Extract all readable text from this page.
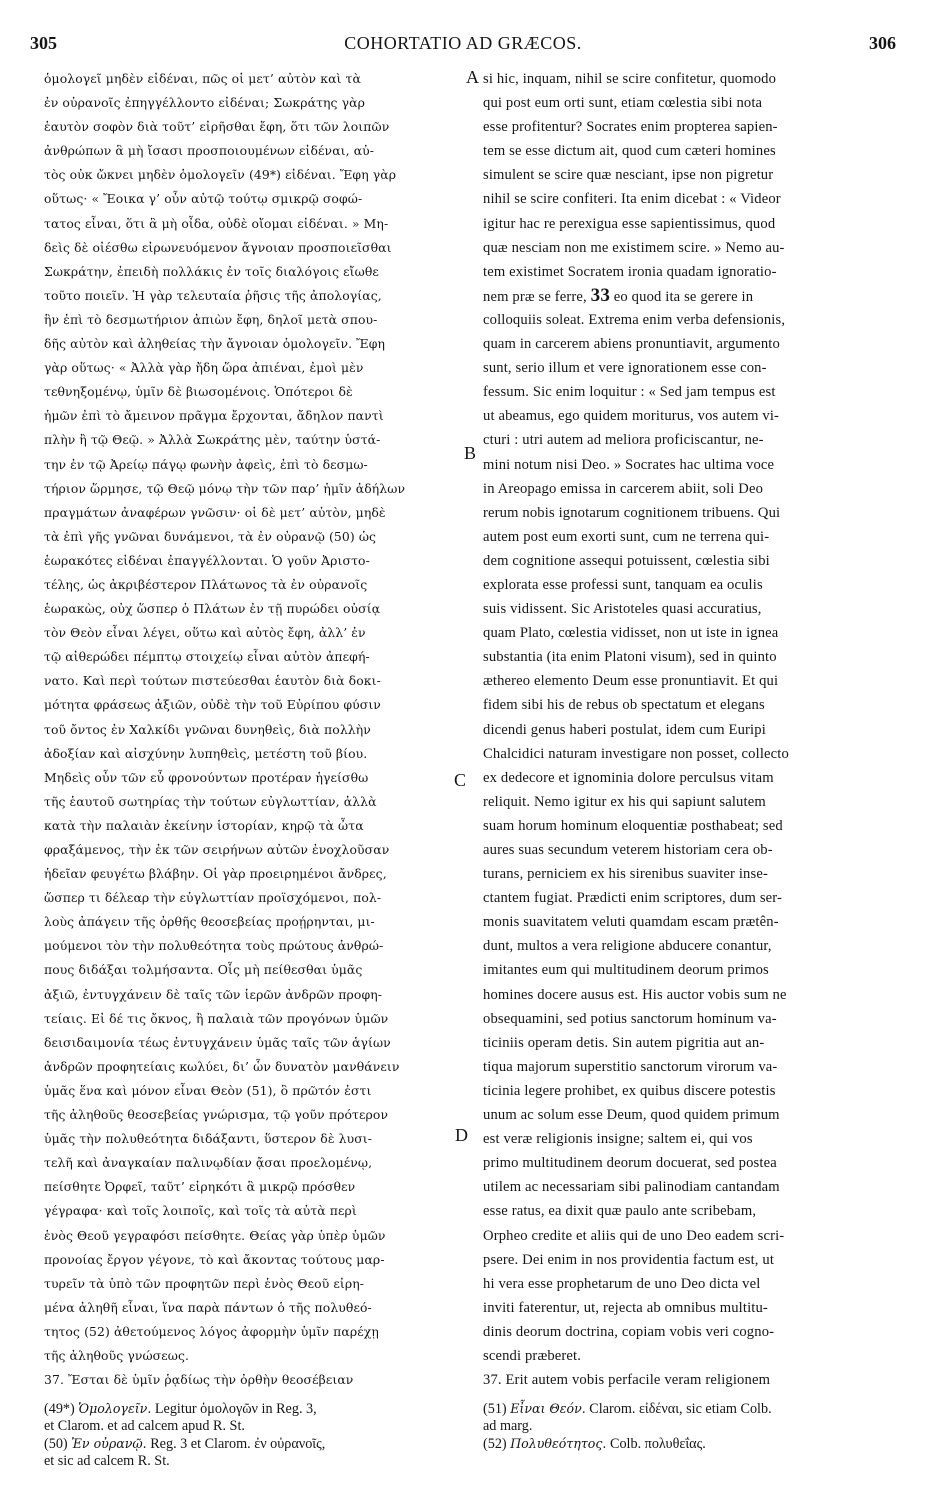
305	COHORTATIO AD GRÆCOS.	306
ὁμολογεῖ μηδὲν εἰδέναι, πῶς οἱ μετ’ αὐτὸν καὶ τὰ
ἐν οὐρανοῖς ἐπηγγέλλοντο εἰδέναι; Σωκράτης γὰρ
ἑαυτὸν σοφὸν διὰ τοῦτ’ εἰρῆσθαι ἔφη, ὅτι τῶν λοιπῶν
ἀνθρώπων ἃ μὴ ἴσασι προσποιουμένων εἰδέναι, αὐ-
τὸς οὐκ ὤκνει μηδὲν ὁμολογεῖν (49*) εἰδέναι. Ἔφη γὰρ
οὕτως· « Ἔοικα γ’ οὖν αὐτῷ τούτῳ σμικρῷ σοφώ-
τατος εἶναι, ὅτι ἃ μὴ οἶδα, οὐδὲ οἴομαι εἰδέναι. » Μη-
δεὶς δὲ οἰέσθω εἰρωνευόμενον ἄγνοιαν προσποιεῖσθαι
Σωκράτην, ἐπειδὴ πολλάκις ἐν τοῖς διαλόγοις εἴωθε
τοῦτο ποιεῖν. Ἡ γὰρ τελευταία ῥῆσις τῆς ἀπολογίας,
ἣν ἐπὶ τὸ δεσμωτήριον ἀπιὼν ἔφη, δηλοῖ μετὰ σπου-
δῆς αὐτὸν καὶ ἀληθείας τὴν ἄγνοιαν ὁμολογεῖν. Ἔφη
γὰρ οὕτως· « Ἀλλὰ γὰρ ἤδη ὥρα ἀπιέναι, ἐμοὶ μὲν
τεθνηξομένῳ, ὑμῖν δὲ βιωσομένοις. Ὁπότεροι δὲ
ἡμῶν ἐπὶ τὸ ἄμεινον πρᾶγμα ἔρχονται, ἄδηλον παντὶ
πλὴν ἢ τῷ Θεῷ. » Ἀλλὰ Σωκράτης μὲν, ταύτην ὑστά-
την ἐν τῷ Ἀρείῳ πάγῳ φωνὴν ἀφεὶς, ἐπὶ τὸ δεσμω-
τήριον ὥρμησε, τῷ Θεῷ μόνῳ τὴν τῶν παρ’ ἡμῖν ἀδήλων
πραγμάτων ἀναφέρων γνῶσιν· οἱ δὲ μετ’ αὐτὸν, μηδὲ
τὰ ἐπὶ γῆς γνῶναι δυνάμενοι, τὰ ἐν οὐρανῷ (50) ὡς
ἑωρακότες εἰδέναι ἐπαγγέλλονται. Ὁ γοῦν Ἀριστο-
τέλης, ὡς ἀκριβέστερον Πλάτωνος τὰ ἐν οὐρανοῖς
ἑωρακὼς, οὐχ ὥσπερ ὁ Πλάτων ἐν τῇ πυρώδει οὐσίᾳ
τὸν Θεὸν εἶναι λέγει, οὕτω καὶ αὐτὸς ἔφη, ἀλλ’ ἐν
τῷ αἰθερώδει πέμπτῳ στοιχείῳ εἶναι αὐτὸν ἀπεφή-
νατο. Καὶ περὶ τούτων πιστεύεσθαι ἑαυτὸν διὰ δοκι-
μότητα φράσεως ἀξιῶν, οὐδὲ τὴν τοῦ Εὐρίπου φύσιν
τοῦ ὄντος ἐν Χαλκίδι γνῶναι δυνηθεὶς, διὰ πολλὴν
ἀδοξίαν καὶ αἰσχύνην λυπηθεὶς, μετέστη τοῦ βίου.
Μηδεὶς οὖν τῶν εὖ φρονούντων προτέραν ἡγείσθω
τῆς ἑαυτοῦ σωτηρίας τὴν τούτων εὐγλωττίαν, ἀλλὰ
κατὰ τὴν παλαιὰν ἐκείνην ἱστορίαν, κηρῷ τὰ ὦτα
φραξάμενος, τὴν ἐκ τῶν σειρήνων αὐτῶν ἐνοχλοῦσαν
ἡδεῖαν φευγέτω βλάβην. Οἱ γὰρ προειρημένοι ἄνδρες,
ὥσπερ τι δέλεαρ τὴν εὐγλωττίαν προϊσχόμενοι, πολ-
λοὺς ἀπάγειν τῆς ὀρθῆς θεοσεβείας προῄρηνται, μι-
μούμενοι τὸν τὴν πολυθεότητα τοὺς πρώτους ἀνθρώ-
πους διδάξαι τολμήσαντα. Οἷς μὴ πείθεσθαι ὑμᾶς
ἀξιῶ, ἐντυγχάνειν δὲ ταῖς τῶν ἱερῶν ἀνδρῶν προφη-
τείαις. Εἰ δέ τις ὄκνος, ἢ παλαιὰ τῶν προγόνων ὑμῶν
δεισιδαιμονία τέως ἐντυγχάνειν ὑμᾶς ταῖς τῶν ἁγίων
ἀνδρῶν προφητείαις κωλύει, δι’ ὧν δυνατὸν μανθάνειν
ὑμᾶς ἕνα καὶ μόνον εἶναι Θεὸν (51), ὃ πρῶτόν ἐστι
τῆς ἀληθοῦς θεοσεβείας γνώρισμα, τῷ γοῦν πρότερον
ὑμᾶς τὴν πολυθεότητα διδάξαντι, ὕστερον δὲ λυσι-
τελῆ καὶ ἀναγκαίαν παλινῳδίαν ᾄσαι προελομένῳ,
πείσθητε Ὀρφεῖ, ταῦτ’ εἰρηκότι ἃ μικρῷ πρόσθεν
γέγραφα· καὶ τοῖς λοιποῖς, καὶ τοῖς τὰ αὐτὰ περὶ
ἑνὸς Θεοῦ γεγραφόσι πείσθητε. Θείας γὰρ ὑπὲρ ὑμῶν
προνοίας ἔργον γέγονε, τὸ καὶ ἄκοντας τούτους μαρ-
τυρεῖν τὰ ὑπὸ τῶν προφητῶν περὶ ἑνὸς Θεοῦ εἰρη-
μένα ἀληθῆ εἶναι, ἵνα παρὰ πάντων ὁ τῆς πολυθεό-
τητος (52) ἀθετούμενος λόγος ἀφορμὴν ὑμῖν παρέχῃ
τῆς ἀληθοῦς γνώσεως.
37. Ἔσται δὲ ὑμῖν ῥᾳδίως τὴν ὀρθὴν θεοσέβειαν
si hic, inquam, nihil se scire confitetur, quomodo
qui post eum orti sunt, etiam cœlestia sibi nota
esse profitentur? Socrates enim propterea sapien-
tem se esse dictum ait, quod cum cæteri homines
simulent se scire quæ nesciant, ipse non pigretur
nihil se scire confiteri. Ita enim dicebat : « Videor
igitur hac re perexigua esse sapientissimus, quod
quæ nesciam non me existimem scire. » Nemo au-
tem existimet Socratem ironia quadam ignoratio-
nem præ se ferre, 33 eo quod ita se gerere in
colloquiis soleat. Extrema enim verba defensionis,
quam in carcerem abiens pronuntiavit, argumento
sunt, serio illum et vere ignorationem esse con-
fessum. Sic enim loquitur : « Sed jam tempus est
ut abeamus, ego quidem moriturus, vos autem vi-
cturi : utri autem ad meliora proficiscantur, ne-
mini notum nisi Deo. » Socrates hac ultima voce
in Areopago emissa in carcerem abiit, soli Deo
rerum nobis ignotarum cognitionem tribuens. Qui
autem post eum exorti sunt, cum ne terrena qui-
dem cognitione assequi potuissent, cœlestia sibi
explorata esse professi sunt, tanquam ea oculis
suis vidissent. Sic Aristoteles quasi accuratius,
quam Plato, cœlestia vidisset, non ut iste in ignea
substantia (ita enim Platoni visum), sed in quinto
æthereo elemento Deum esse pronuntiavit. Et qui
fidem sibi his de rebus ob spectatum et elegans
dicendi genus haberi postulat, idem cum Euripi
Chalcidici naturam investigare non posset, collecto
ex dedecore et ignominia dolore perculsus vitam
reliquit. Nemo igitur ex his qui sapiunt salutem
suam horum hominum eloquentiæ posthabeat; sed
aures suas secundum veterem historiam cera ob-
turans, perniciem ex his sirenibus suaviter inse-
ctantem fugiat. Prædicti enim scriptores, dum ser-
monis suavitatem veluti quamdam escam prætên-
dunt, multos a vera religione abducere conantur,
imitantes eum qui multitudinem deorum primos
homines docere ausus est. His auctor vobis sum ne
obsequamini, sed potius sanctorum hominum va-
ticiniis operam detis. Sin autem pigritia aut an-
tiqua majorum superstitio sanctorum virorum va-
ticinia legere prohibet, ex quibus discere potestis
unum ac solum esse Deum, quod quidem primum
est veræ religionis insigne; saltem ei, qui vos
primo multitudinem deorum docuerat, sed postea
utilem ac necessariam sibi palinodiam cantandam
esse ratus, ea dixit quæ paulo ante scribebam,
Orpheo credite et aliis qui de uno Deo eadem scri-
psere. Dei enim in nos providentia factum est, ut
hi vera esse prophetarum de uno Deo dicta vel
inviti faterentur, ut, rejecta ab omnibus multitu-
dinis deorum doctrina, copiam vobis veri cogno-
scendi præberet.
37. Erit autem vobis perfacile veram religionem
A
B
C
D

(49*) Ὁμολογεῖν. Legitur ὁμολογῶν in Reg. 3,
et Clarom. et ad calcem apud R. St.

(50) Ἐν οὐρανῷ. Reg. 3 et Clarom. ἐν οὐρανοῖς,
et sic ad calcem R. St.

(51) Εἶναι Θεόν. Clarom. εἰδέναι, sic etiam Colb.
ad marg.

(52) Πολυθεότητος. Colb. πολυθεΐας.
